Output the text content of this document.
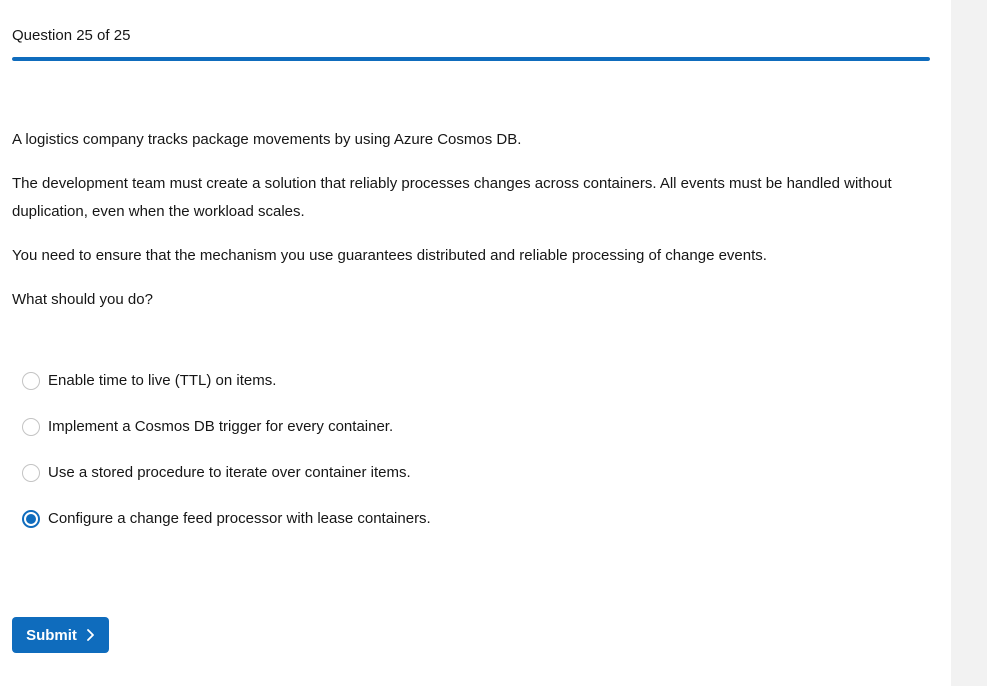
Question 25 of 25

A logistics company tracks package movements by using Azure Cosmos DB.

The development team must create a solution that reliably processes changes across containers. All events must be handled without duplication, even when the workload scales.

You need to ensure that the mechanism you use guarantees distributed and reliable processing of change events.

What should you do?

Enable time to live (TTL) on items.
Implement a Cosmos DB trigger for every container.
Use a stored procedure to iterate over container items.
Configure a change feed processor with lease containers.
Submit
